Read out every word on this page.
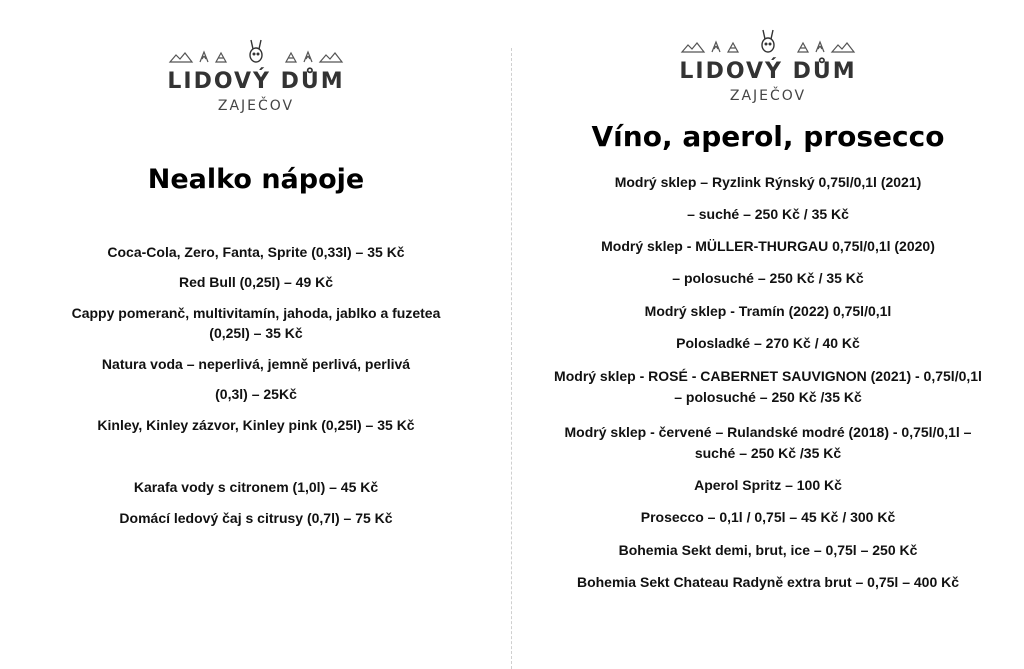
LIDOVÝ DŮM
ZAJEČOV
Nealko nápoje
Coca-Cola, Zero, Fanta, Sprite (0,33l) – 35 Kč
Red Bull (0,25l) – 49 Kč
Cappy pomeranč, multivitamín, jahoda, jablko a fuzetea
(0,25l) – 35 Kč
Natura voda – neperlivá, jemně perlivá, perlivá
(0,3l) – 25Kč
Kinley, Kinley zázvor, Kinley pink (0,25l) – 35 Kč
Karafa vody s citronem (1,0l) – 45 Kč
Domácí ledový čaj s citrusy (0,7l) – 75 Kč
LIDOVÝ DŮM
ZAJEČOV
Víno, aperol, prosecco
Modrý sklep – Ryzlink Rýnský 0,75l/0,1l (2021)
– suché – 250 Kč / 35 Kč
Modrý sklep - MÜLLER-THURGAU 0,75l/0,1l (2020)
– polosuché – 250 Kč / 35 Kč
Modrý sklep - Tramín (2022) 0,75l/0,1l
Polosladké – 270 Kč / 40 Kč
Modrý sklep - ROSÉ - CABERNET SAUVIGNON (2021) - 0,75l/0,1l
– polosuché – 250 Kč /35 Kč
Modrý sklep - červené – Rulandské modré (2018) - 0,75l/0,1l –
suché – 250 Kč /35 Kč
Aperol Spritz – 100 Kč
Prosecco – 0,1l / 0,75l – 45 Kč / 300 Kč
Bohemia Sekt demi, brut, ice – 0,75l – 250 Kč
Bohemia Sekt Chateau Radyně extra brut – 0,75l – 400 Kč
